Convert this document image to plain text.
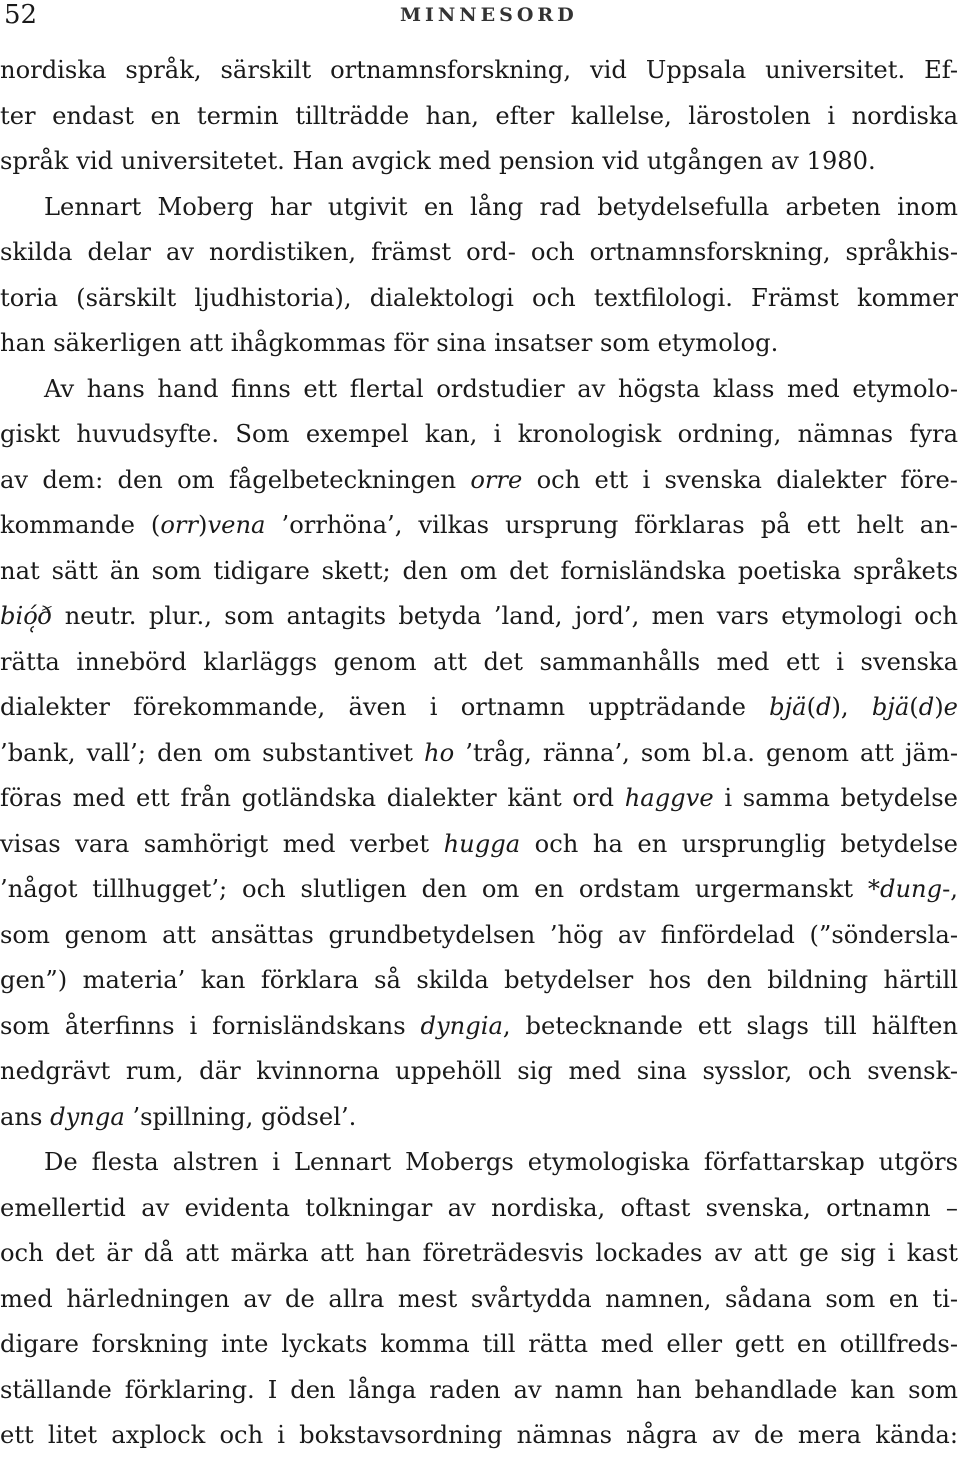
52	MINNESORD
nordiska språk, särskilt ortnamnsforskning, vid Uppsala universitet. Ef-
ter endast en termin tillträdde han, efter kallelse, lärostolen i nordiska
språk vid universitetet. Han avgick med pension vid utgången av 1980.
Lennart Moberg har utgivit en lång rad betydelsefulla arbeten inom
skilda delar av nordistiken, främst ord- och ortnamnsforskning, språkhis-
toria (särskilt ljudhistoria), dialektologi och textfilologi. Främst kommer
han säkerligen att ihågkommas för sina insatser som etymolog.
Av hans hand finns ett flertal ordstudier av högsta klass med etymolo-
giskt huvudsyfte. Som exempel kan, i kronologisk ordning, nämnas fyra
av dem: den om fågelbeteckningen orre och ett i svenska dialekter före-
kommande (orr)vena ’orrhöna’, vilkas ursprung förklaras på ett helt an-
nat sätt än som tidigare skett; den om det fornisländska poetiska språkets
bió̜ð neutr. plur., som antagits betyda ’land, jord’, men vars etymologi och
rätta innebörd klarläggs genom att det sammanhålls med ett i svenska
dialekter förekommande, även i ortnamn uppträdande bjä(d), bjä(d)e
’bank, vall’; den om substantivet ho ’tråg, ränna’, som bl.a. genom att jäm-
föras med ett från gotländska dialekter känt ord haggve i samma betydelse
visas vara samhörigt med verbet hugga och ha en ursprunglig betydelse
’något tillhugget’; och slutligen den om en ordstam urgermanskt *dung-,
som genom att ansättas grundbetydelsen ’hög av finfördelad (”sönderslа-
gen”) materia’ kan förklara så skilda betydelser hos den bildning härtill
som återfinns i fornisländskans dyngia, betecknande ett slags till hälften
nedgrävt rum, där kvinnorna uppehöll sig med sina sysslor, och svensk-
ans dynga ’spillning, gödsel’.
De flesta alstren i Lennart Mobergs etymologiska författarskap utgörs
emellertid av evidenta tolkningar av nordiska, oftast svenska, ortnamn –
och det är då att märka att han företrädesvis lockades av att ge sig i kast
med härledningen av de allra mest svårtydda namnen, sådana som en ti-
digare forskning inte lyckats komma till rätta med eller gett en otillfreds-
ställande förklaring. I den långa raden av namn han behandlade kan som
ett litet axplock och i bokstavsordning nämnas några av de mera kända:
